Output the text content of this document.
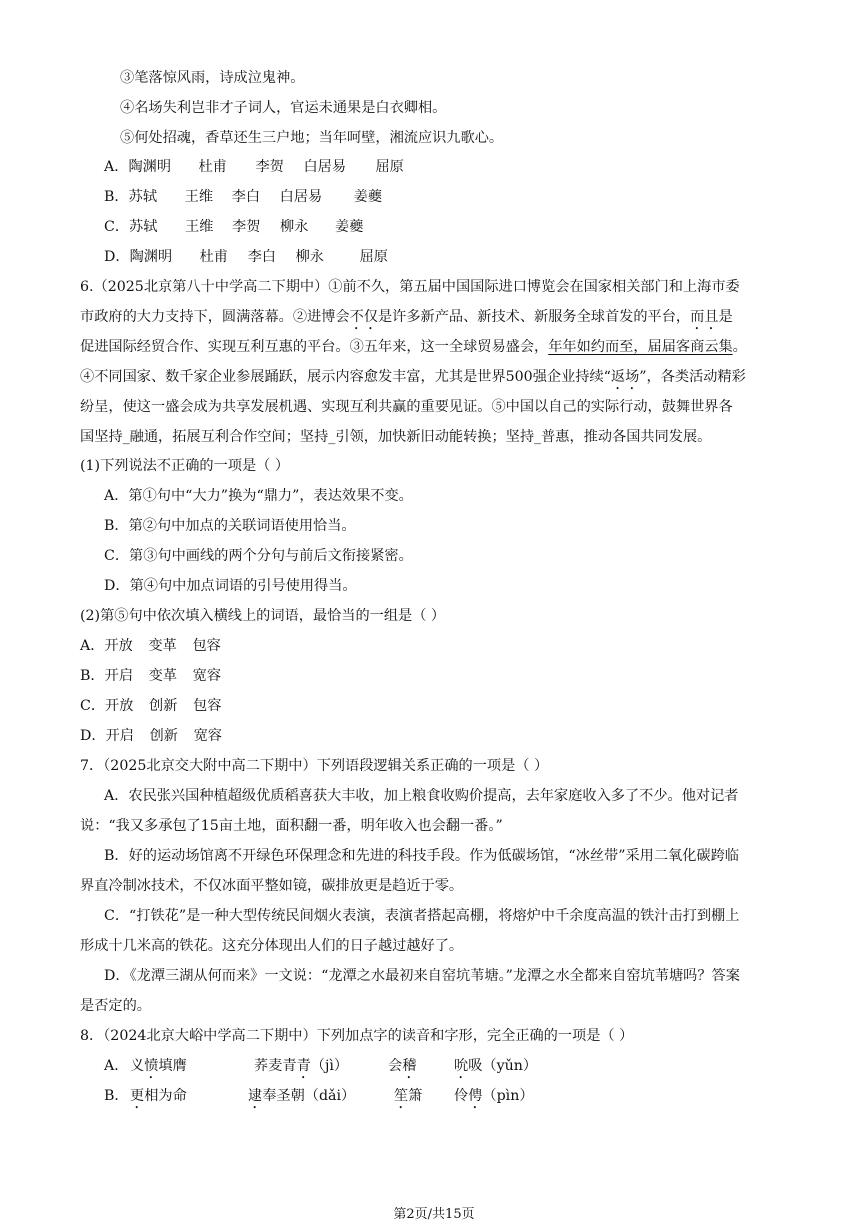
③笔落惊风雨，诗成泣鬼神。
④名场失利岂非才子词人，官运未通果是白衣卿相。
⑤何处招魂，香草还生三户地；当年呵壁，湘流应识九歌心。
A．陶渊明 杜甫 李贺 白居易 屈原
B．苏轼 王维 李白 白居易 姜夔
C．苏轼 王维 李贺 柳永 姜夔
D．陶渊明 杜甫 李白 柳永	屈原
6.（2025北京第八十中学高二下期中）①前不久，第五届中国国际进口博览会在国家相关部门和上海市委
市政府的大力支持下，圆满落幕。②进博会不仅是许多新产品、新技术、新服务全球首发的平台，而且是
促进国际经贸合作、实现互利互惠的平台。③五年来，这一全球贸易盛会，年年如约而至，届届客商云集。
④不同国家、数千家企业参展踊跃，展示内容愈发丰富，尤其是世界500强企业持续“返场”，各类活动精彩
纷呈，使这一盛会成为共享发展机遇、实现互利共赢的重要见证。⑤中国以自己的实际行动，鼓舞世界各
国坚持_融通，拓展互利合作空间；坚持_引领，加快新旧动能转换；坚持_普惠，推动各国共同发展。
(1)下列说法不正确的一项是（ ）
A．第①句中“大力”换为“鼎力”，表达效果不变。
B．第②句中加点的关联词语使用恰当。
C．第③句中画线的两个分句与前后文衔接紧密。
D．第④句中加点词语的引号使用得当。
(2)第⑤句中依次填入横线上的词语，最恰当的一组是（ ）
A．开放 变革 包容
B．开启 变革 宽容
C．开放 创新 包容
D．开启 创新 宽容
7．（2025北京交大附中高二下期中）下列语段逻辑关系正确的一项是（ ）
A．农民张兴国种植超级优质稻喜获大丰收，加上粮食收购价提高，去年家庭收入多了不少。他对记者
说：“我又多承包了15亩土地，面积翻一番，明年收入也会翻一番。”
B．好的运动场馆离不开绿色环保理念和先进的科技手段。作为低碳场馆，“冰丝带”采用二氧化碳跨临
界直冷制冰技术，不仅冰面平整如镜，碳排放更是趋近于零。
C．“打铁花”是一种大型传统民间烟火表演，表演者搭起高棚，将熔炉中千余度高温的铁汁击打到棚上
形成十几米高的铁花。这充分体现出人们的日子越过越好了。
D．《龙潭三湖从何而来》一文说：“龙潭之水最初来自窑坑苇塘。”龙潭之水全都来自窑坑苇塘吗？答案
是否定的。
8．（2024北京大峪中学高二下期中）下列加点字的读音和字形，完全正确的一项是（ ）
A． 义愤填膺	荞麦青青（jì）	会稽	吮吸（yǔn）
B．更相为命	逮奉圣朝（dǎi）	笙箫 伶俜（pìn）
第2页/共15页
